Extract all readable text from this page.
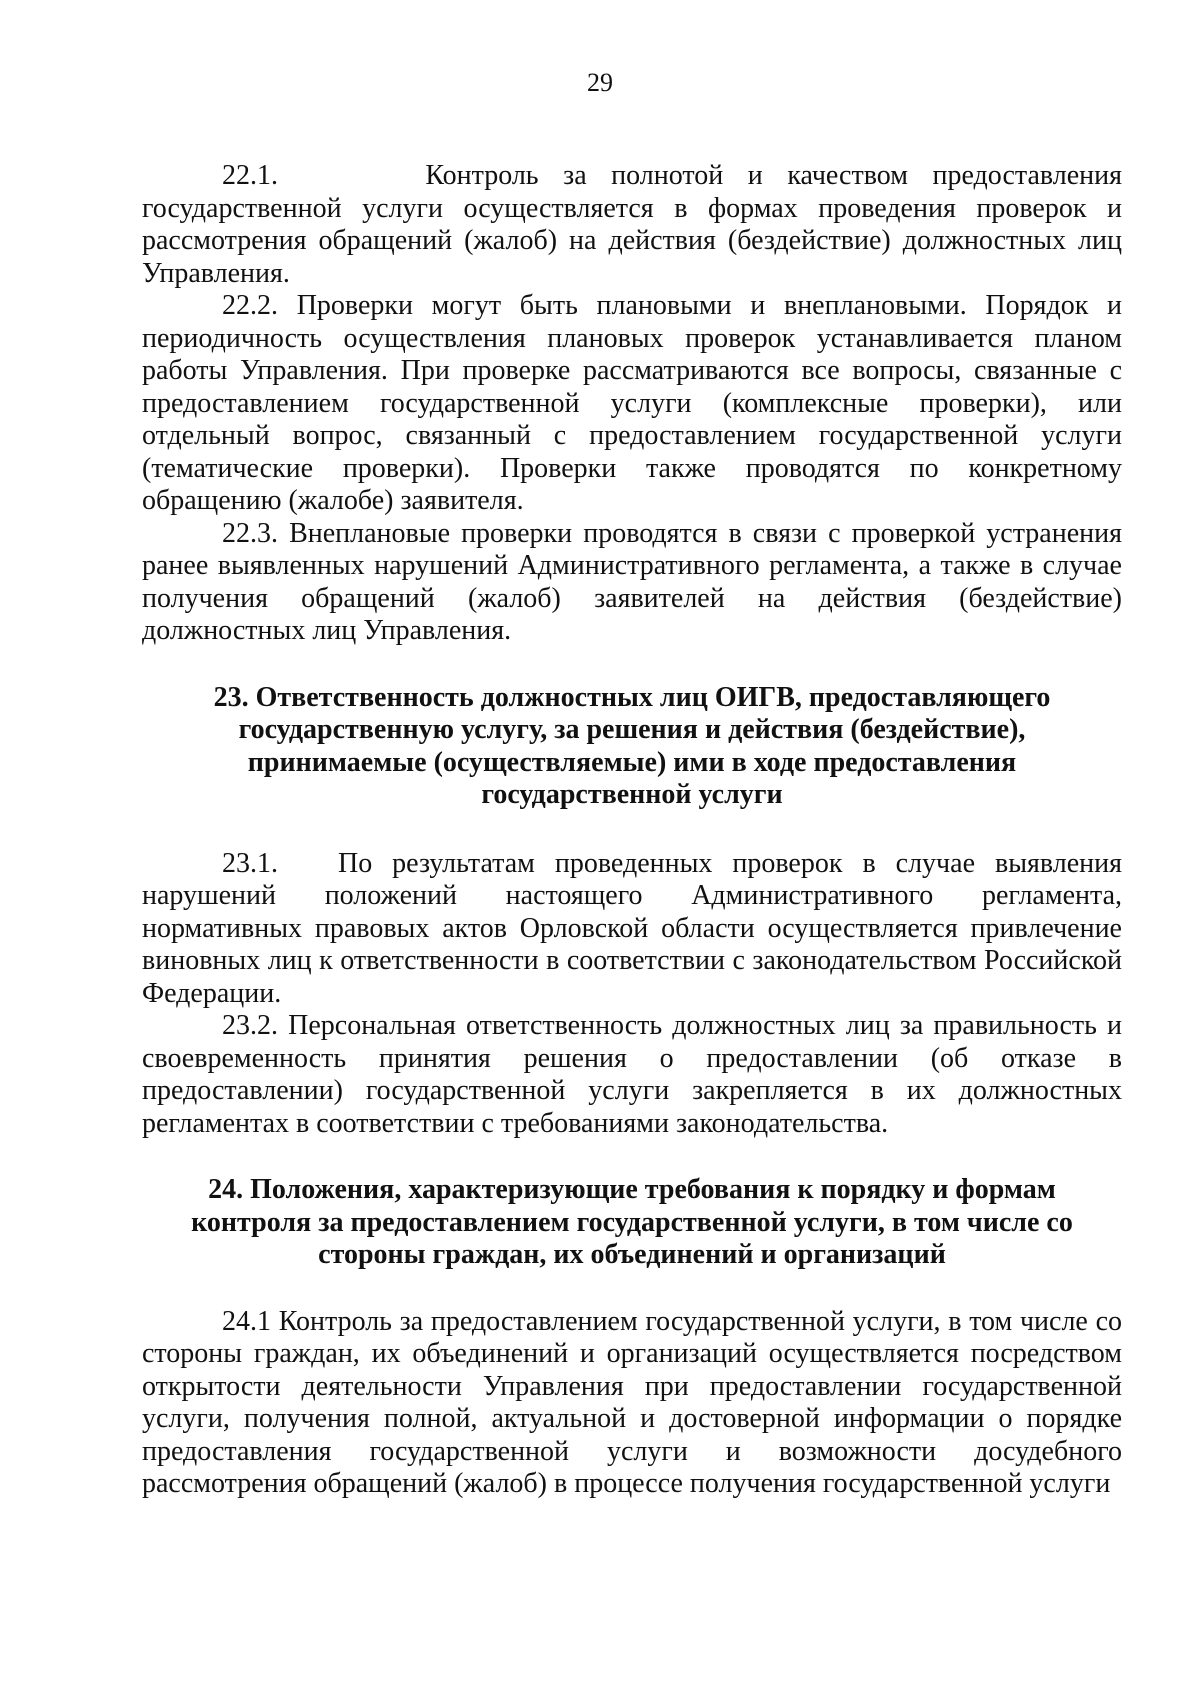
29

22.1.	Контроль за полнотой и качеством предоставления государственной услуги осуществляется в формах проведения проверок и рассмотрения обращений (жалоб) на действия (бездействие) должностных лиц Управления.

22.2. Проверки могут быть плановыми и внеплановыми. Порядок и периодичность осуществления плановых проверок устанавливается планом работы Управления. При проверке рассматриваются все вопросы, связанные с предоставлением государственной услуги (комплексные проверки), или отдельный вопрос, связанный с предоставлением государственной услуги (тематические проверки). Проверки также проводятся по конкретному обращению (жалобе) заявителя.

22.3. Внеплановые проверки проводятся в связи с проверкой устранения ранее выявленных нарушений Административного регламента, а также в случае получения обращений (жалоб) заявителей на действия (бездействие) должностных лиц Управления.

23. Ответственность должностных лиц ОИГВ, предоставляющего государственную услугу, за решения и действия (бездействие), принимаемые (осуществляемые) ими в ходе предоставления государственной услуги

23.1. По результатам проведенных проверок в случае выявления нарушений положений настоящего Административного регламента, нормативных правовых актов Орловской области осуществляется привлечение виновных лиц к ответственности в соответствии с законодательством Российской Федерации.

23.2. Персональная ответственность должностных лиц за правильность и своевременность принятия решения о предоставлении (об отказе в предоставлении) государственной услуги закрепляется в их должностных регламентах в соответствии с требованиями законодательства.

24. Положения, характеризующие требования к порядку и формам контроля за предоставлением государственной услуги, в том числе со стороны граждан, их объединений и организаций

24.1 Контроль за предоставлением государственной услуги, в том числе со стороны граждан, их объединений и организаций осуществляется посредством открытости деятельности Управления при предоставлении государственной услуги, получения полной, актуальной и достоверной информации о порядке предоставления государственной услуги и возможности досудебного рассмотрения обращений (жалоб) в процессе получения государственной услуги
